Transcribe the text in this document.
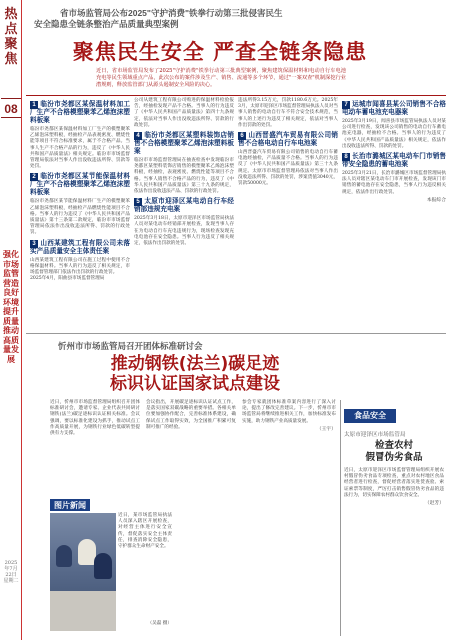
热点聚焦
08
强化市场监管营造良好环境提升质量推动高质量发展
2025年7月22日 星期二
省市场监管局公布2025"守护消费"铁拳行动第三批侵害民生
安全隐患全链条整治产品质量典型案例
聚焦民生安全 严查全链条隐患
近日，省市场监管局发布了2025"守护消费"铁拳行动第三批典型案例，聚焦建筑保温材料和电动自行车电池充电等民生领域重点产品，此次公布的案件涉及生产、销售、流通等多个环节，通过"一案双查"机制深挖行业潜规则，释放监管部门从源头遏制安全风险的决心。
1 临汾市尧都区某保温材料加工厂生产不合格模塑聚苯乙烯泡沫塑料板案

临汾市尧都区某保温材料加工厂生产的模塑聚苯乙烯泡沫塑料板，经抽检产品表观密度、燃烧性能等项目不符合标准要求，属于不合格产品。当事人生产不合格产品的行为，违反了《中华人民共和国产品质量法》相关规定。临汾市市场监督管理局依法对当事人作出没收违法所得、罚款等处罚。

2 临汾市尧都区某节能保温材料厂生产不合格模塑聚苯乙烯泡沫塑料板案

临汾市尧都区某节能保温材料厂生产的模塑聚苯乙烯泡沫塑料板，经抽检产品燃烧性能项目不合格。当事人的行为违反了《中华人民共和国产品质量法》第十三条第二款规定，临汾市市场监督管理局依法作出没收违法所得、罚款的行政处罚。

3 山西某建筑工程有限公司未落实产品质量安全主体责任案

山西某建筑工程有限公司在施工过程中使用不合格保温材料。当事人的行为违反了相关规定，市场监督管理部门依法作出罚款的行政处罚。

2025年4月，阳曲县市场监督管理局

公司从建筑工程有限公司购进的保温材料检验报告，经抽检发现产品不合格。当事人的行为违反了《中华人民共和国产品质量法》第四十九条规定，依法对当事人作出没收违法所得、罚款的行政处罚。

4 临汾市尧都区某塑料装饰店销售不合格模塑聚苯乙烯泡沫塑料板案

临汾市市场监督管理局在抽查检查中发现临汾市尧都区某塑料装饰店销售的模塑聚苯乙烯泡沫塑料板，经抽检，表观密度、燃烧性能等项目不合格。当事人销售不合格产品的行为，违反了《中华人民共和国产品质量法》第三十九条的规定，依法作出没收违法产品、罚款的行政处罚。

5 太原市迎泽区某电动自行车经销部违规充电案

2025年3月18日，太原市迎泽区市场监管局执法人员对某电动车经销部开展检查，发现当事人存在为电动自行车充电违规行为，现场检查发现充电电池存在安全隐患。当事人行为违反了相关规定，依法作出罚款的处罚。

违法所得3.15万元，罚款1180.6万元。2025年3月，太原市迎泽区市场监督管理局执法人员对当事人销售的电动自行车不符合安全技术规范，当事人的上述行为违反了相关规定，依法对当事人作出罚款的处罚。

6 山西晋盛汽车贸易有限公司销售不合格电动自行车电池案

山西晋盛汽车贸易有限公司销售的电动自行车蓄电池经抽检，产品质量不合格。当事人的行为违反了《中华人民共和国产品质量法》第三十九条规定。太原市市场监督管理局依法对当事人作出没收违法所得、罚款的处罚，涉案货值3040元，罚款50000元。

7 运城市闻喜县某公司销售不合格电动车蓄电池充电器案

2025年3月19日，闻喜县市场监管局执法人员对某公司进行检查，发现该公司销售的电动自行车蓄电池充电器，经抽检不合格。当事人的行为违反了《中华人民共和国产品质量法》相关规定，依法作出没收违法所得、罚款的处罚。

8 长治市潞城区某电动车门市销售带安全隐患的蓄电池案

2025年3月21日，长治市潞城区市场监督管理局执法人员对辖区某电动车门市开展检查，发现该门市销售的蓄电池存在安全隐患，当事人行为违反相关规定，依法作出行政处罚。

本报综合
忻州市市场监管局召开团体标准研讨会
推动钢铁(法兰)碳足迹
标识认证国家试点建设

近日，忻州市市场监督管理局组织召开团体标准研讨会，邀请专家、企业代表共同研讨钢铁(法兰)碳足迹标识认证相关标准。会议强调，要以标准化建设为抓手，推动试点工作高质量开展，为钢铁行业绿色低碳转型提供有力支撑。

会议指出，开展碳足迹标识认证试点工作，是落实国家双碳战略的重要举措。各相关单位要加强协作配合，完善标准体系建设，确保试点工作取得实效，为全国推广积累可复制可推广的经验。

参会专家就团体标准草案内容进行了深入讨论，提出了修改完善建议。下一步，忻州市市场监管局将继续推进相关工作，加快标准发布实施，助力钢铁产业高质量发展。

（王宇）
图片新闻
近日，某市场监管局执法人员深入辖区开展检查，对经营主体进行安全宣传，督促落实安全主体责任，排查消除安全隐患，守护群众生命财产安全。
（吴磊 摄）
食品安全
太原市迎泽区市场监管局
检查农村
假冒伪劣食品

近日，太原市迎泽区市场监督管理局组织开展农村假冒伪劣食品专项检查，重点对农村地区食品经营者进行检查，督促经营者落实进货查验、索证索票等制度，严厉打击销售假冒伪劣食品的违法行为，切实保障农村群众饮食安全。

（赵芳）
